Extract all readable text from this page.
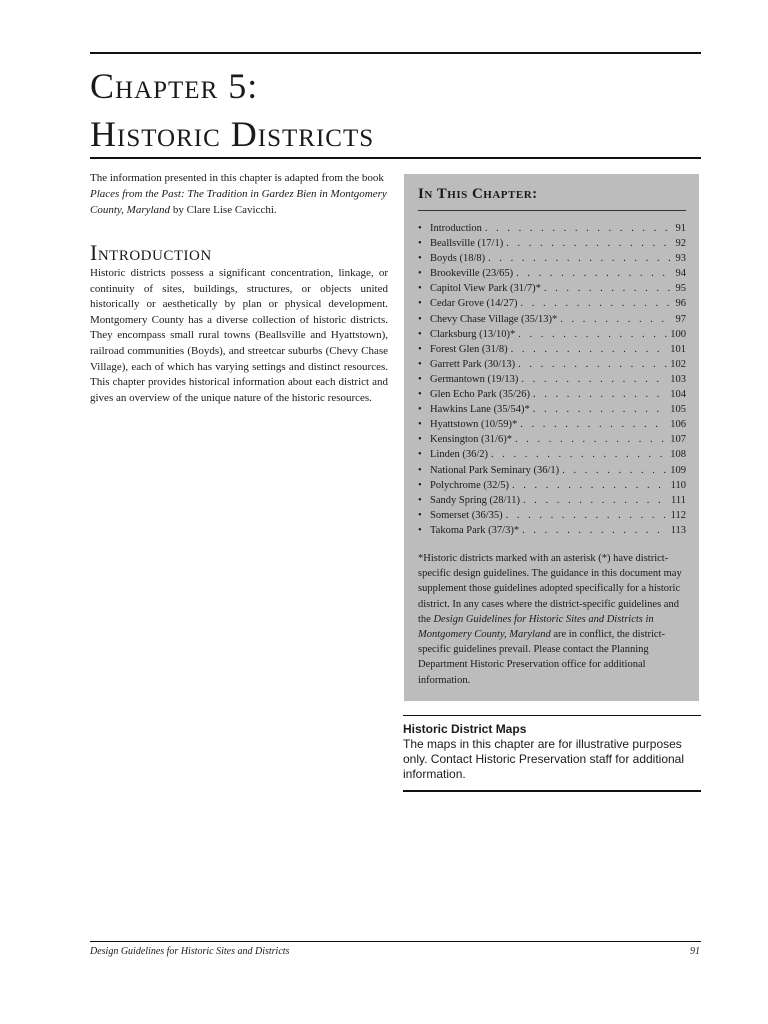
Chapter 5:
Historic Districts

The information presented in this chapter is adapted from the book Places from the Past: The Tradition in Gardez Bien in Montgomery County, Maryland by Clare Lise Cavicchi.

Introduction

Historic districts possess a significant concentration, linkage, or continuity of sites, buildings, structures, or objects united historically or aesthetically by plan or physical development. Montgomery County has a diverse collection of historic districts. They encompass small rural towns (Beallsville and Hyattstown), railroad communities (Boyds), and streetcar suburbs (Chevy Chase Village), each of which has varying settings and distinct resources. This chapter provides historical information about each district and gives an overview of the unique nature of the historic resources.

In This Chapter:
• Introduction . . .	91
• Beallsville (17/1) . . .	92
• Boyds (18/8) . . .	93
• Brookeville (23/65) . . .	94
• Capitol View Park (31/7)* . . .	95
• Cedar Grove (14/27) . . .	96
• Chevy Chase Village (35/13)* . . .	97
• Clarksburg (13/10)* . . .	100
• Forest Glen (31/8) . . .	101
• Garrett Park (30/13) . . .	102
• Germantown (19/13) . . .	103
• Glen Echo Park (35/26) . . .	104
• Hawkins Lane (35/54)* . . .	105
• Hyattstown (10/59)* . . .	106
• Kensington (31/6)* . . .	107
• Linden (36/2) . . .	108
• National Park Seminary (36/1) . . .	109
• Polychrome (32/5) . . .	110
• Sandy Spring (28/11) . . .	111
• Somerset (36/35) . . .	112
• Takoma Park (37/3)* . . .	113

*Historic districts marked with an asterisk (*) have district-specific design guidelines. The guidance in this document may supplement those guidelines adopted specifically for a historic district. In any cases where the district-specific guidelines and the Design Guidelines for Historic Sites and Districts in Montgomery County, Maryland are in conflict, the district-specific guidelines prevail. Please contact the Planning Department Historic Preservation office for additional information.

Historic District Maps

The maps in this chapter are for illustrative purposes only. Contact Historic Preservation staff for additional information.

Design Guidelines for Historic Sites and Districts	91
